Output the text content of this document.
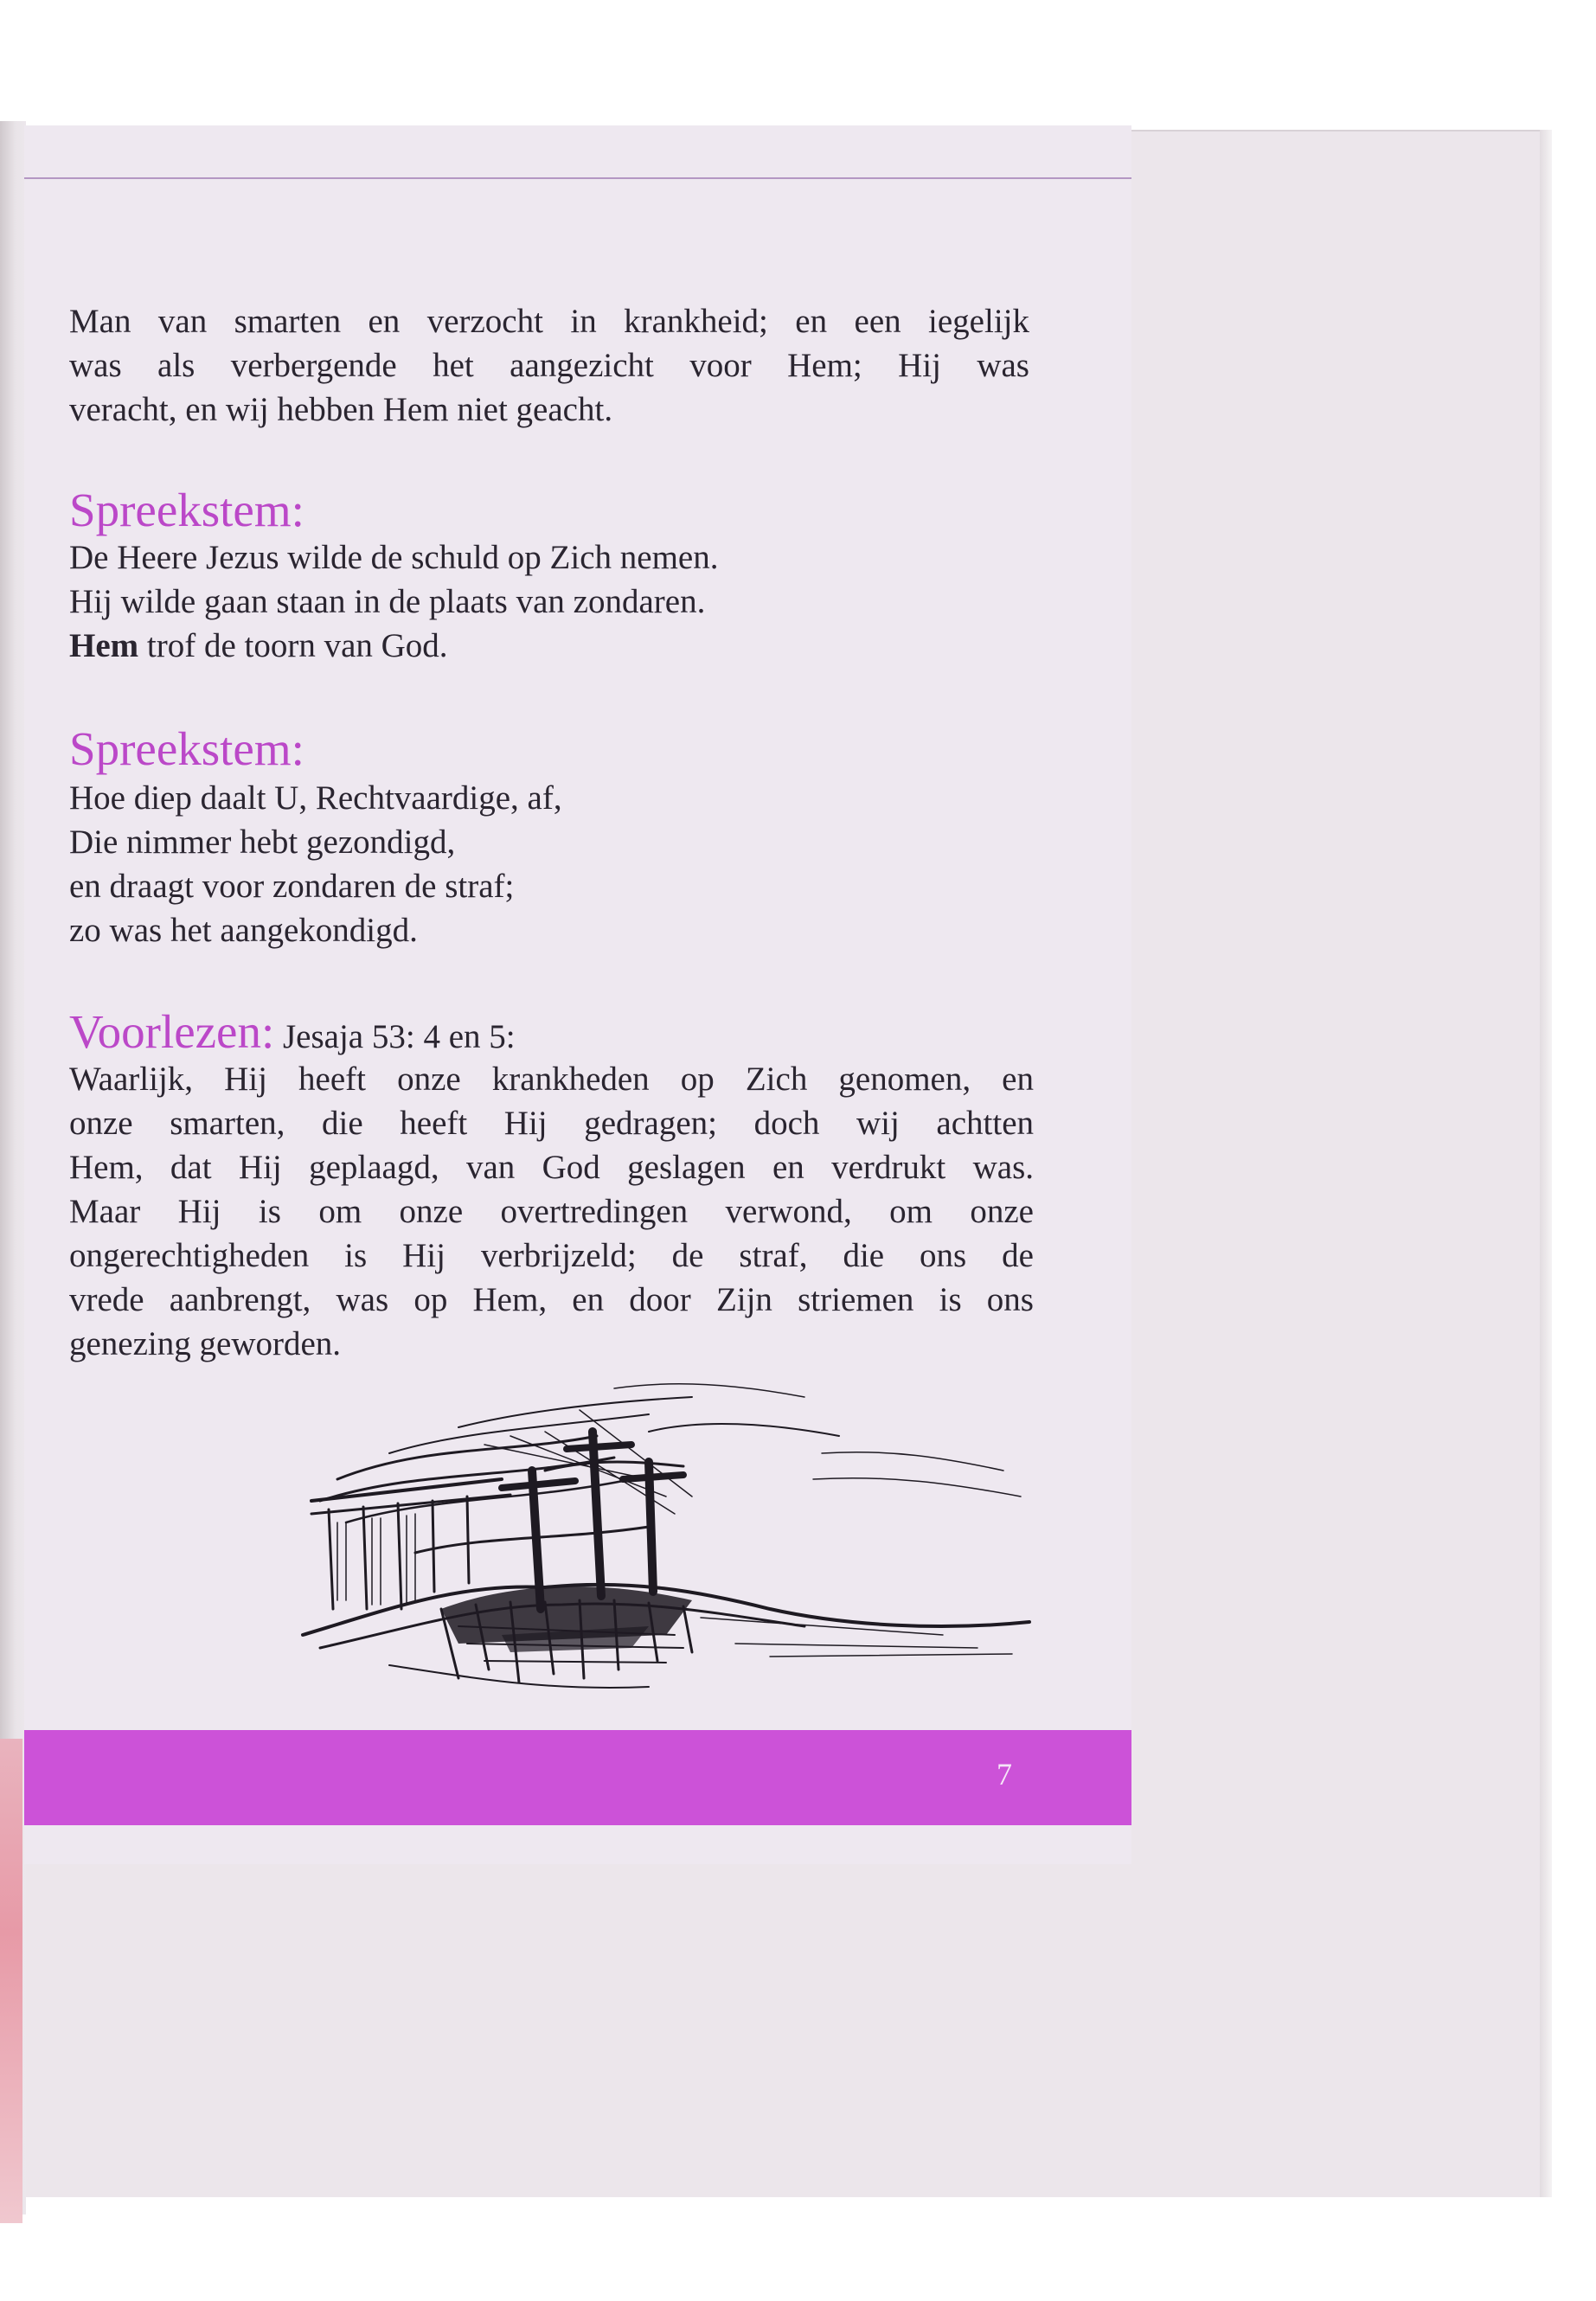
Man van smarten en verzocht in krankheid; en een iegelijk

was als verbergende het aangezicht voor Hem; Hij was

veracht, en wij hebben Hem niet geacht.

Spreekstem:

De Heere Jezus wilde de schuld op Zich nemen.

Hij wilde gaan staan in de plaats van zondaren.

Hem trof de toorn van God.

Spreekstem:

Hoe diep daalt U, Rechtvaardige, af,

Die nimmer hebt gezondigd,

en draagt voor zondaren de straf;

zo was het aangekondigd.

Voorlezen: Jesaja 53: 4 en 5:

Waarlijk, Hij heeft onze krankheden op Zich genomen, en

onze smarten, die heeft Hij gedragen; doch wij achtten

Hem, dat Hij geplaagd, van God geslagen en verdrukt was.

Maar Hij is om onze overtredingen verwond, om onze

ongerechtigheden is Hij verbrijzeld; de straf, die ons de

vrede aanbrengt, was op Hem, en door Zijn striemen is ons

genezing geworden.

7
